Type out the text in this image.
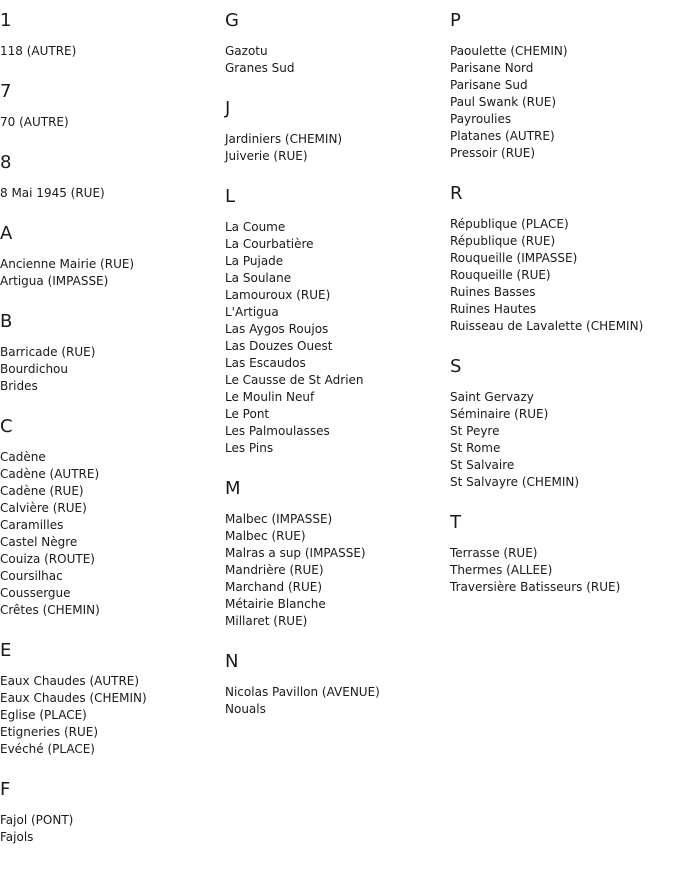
1
118 (AUTRE)
7
70 (AUTRE)
8
8 Mai 1945 (RUE)
A
Ancienne Mairie (RUE)
Artigua (IMPASSE)
B
Barricade (RUE)
Bourdichou
Brides
C
Cadène
Cadène (AUTRE)
Cadène (RUE)
Calvière (RUE)
Caramilles
Castel Nègre
Couiza (ROUTE)
Coursilhac
Coussergue
Crêtes (CHEMIN)
E
Eaux Chaudes (AUTRE)
Eaux Chaudes (CHEMIN)
Eglise (PLACE)
Etigneries (RUE)
Evéché (PLACE)
F
Fajol (PONT)
Fajols
G
Gazotu
Granes Sud
J
Jardiniers (CHEMIN)
Juiverie (RUE)
L
La Coume
La Courbatière
La Pujade
La Soulane
Lamouroux (RUE)
L'Artigua
Las Aygos Roujos
Las Douzes Ouest
Las Escaudos
Le Causse de St Adrien
Le Moulin Neuf
Le Pont
Les Palmoulasses
Les Pins
M
Malbec (IMPASSE)
Malbec (RUE)
Malras a sup (IMPASSE)
Mandrière (RUE)
Marchand (RUE)
Métairie Blanche
Millaret (RUE)
N
Nicolas Pavillon (AVENUE)
Nouals
P
Paoulette (CHEMIN)
Parisane Nord
Parisane Sud
Paul Swank (RUE)
Payroulies
Platanes (AUTRE)
Pressoir (RUE)
R
République (PLACE)
République (RUE)
Rouqueille (IMPASSE)
Rouqueille (RUE)
Ruines Basses
Ruines Hautes
Ruisseau de Lavalette (CHEMIN)
S
Saint Gervazy
Séminaire (RUE)
St Peyre
St Rome
St Salvaire
St Salvayre (CHEMIN)
T
Terrasse (RUE)
Thermes (ALLEE)
Traversière Batisseurs (RUE)
